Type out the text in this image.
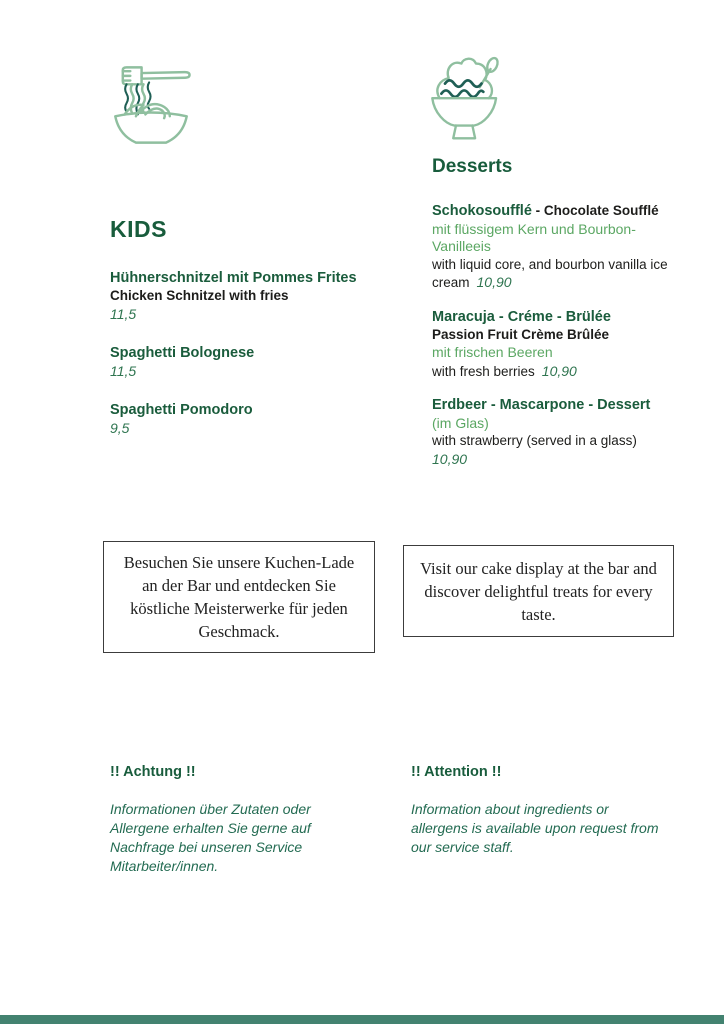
KIDS
Desserts
Hühnerschnitzel mit Pommes Frites
Chicken Schnitzel with fries
11,5
Spaghetti Bolognese
11,5
Spaghetti Pomodoro
9,5
Schokosoufflé - Chocolate Soufflé
mit flüssigem Kern und Bourbon-Vanilleeis
with liquid core, and bourbon vanilla ice cream 10,90
Maracuja - Créme - Brülée
Passion Fruit Crème Brûlée
mit frischen Beeren
with fresh berries 10,90
Erdbeer - Mascarpone - Dessert
(im Glas)
with strawberry (served in a glass)
10,90
Besuchen Sie unsere Kuchen-Lade an der Bar und entdecken Sie köstliche Meisterwerke für jeden Geschmack.
Visit our cake display at the bar and discover delightful treats for every taste.
!! Achtung !!
Informationen über Zutaten oder Allergene erhalten Sie gerne auf Nachfrage bei unseren Service Mitarbeiter/innen.
!! Attention !!
Information about ingredients or allergens is available upon request from our service staff.
